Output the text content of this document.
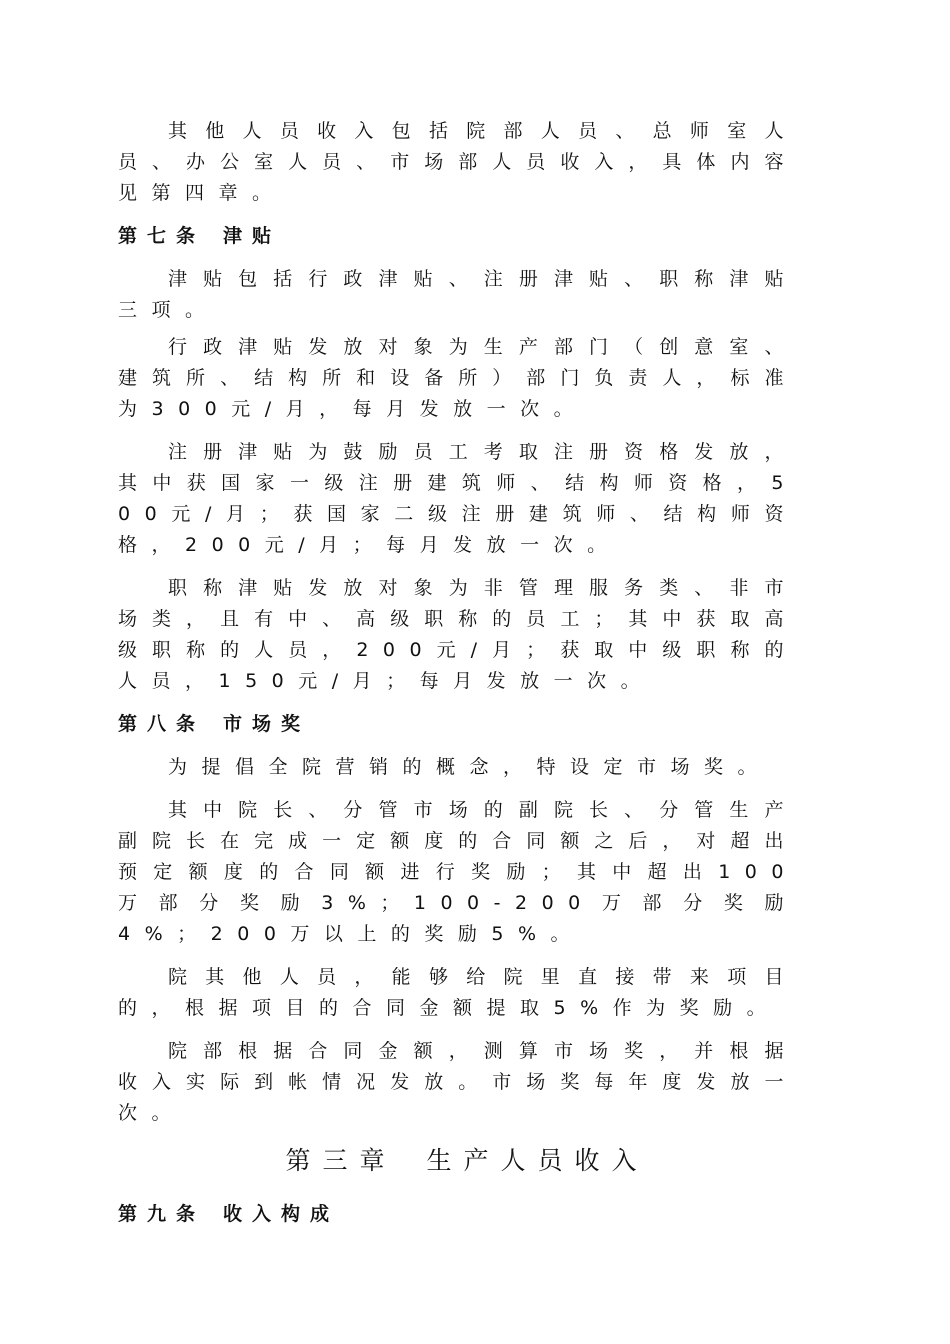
其他人员收入包括院部人员、总师室人员、办公室人员、市场部人员收入，具体内容见第四章。

第七条 津贴

津贴包括行政津贴、注册津贴、职称津贴三项。

行政津贴发放对象为生产部门（创意室、建筑所、结构所和设备所）部门负责人，标准为300元/月，每月发放一次。

注册津贴为鼓励员工考取注册资格发放，其中获国家一级注册建筑师、结构师资格，500元/月；获国家二级注册建筑师、结构师资格，200元/月；每月发放一次。

职称津贴发放对象为非管理服务类、非市场类，且有中、高级职称的员工；其中获取高级职称的人员，200元/月；获取中级职称的人员，150元/月；每月发放一次。

第八条 市场奖

为提倡全院营销的概念，特设定市场奖。

其中院长、分管市场的副院长、分管生产副院长在完成一定额度的合同额之后，对超出预定额度的合同额进行奖励；其中超出100万部分奖励3%；100-200万部分奖励4%；200万以上的奖励5%。

院其他人员，能够给院里直接带来项目的，根据项目的合同金额提取5%作为奖励。

院部根据合同金额，测算市场奖，并根据收入实际到帐情况发放。市场奖每年度发放一次。

第三章 生产人员收入
第九条 收入构成
